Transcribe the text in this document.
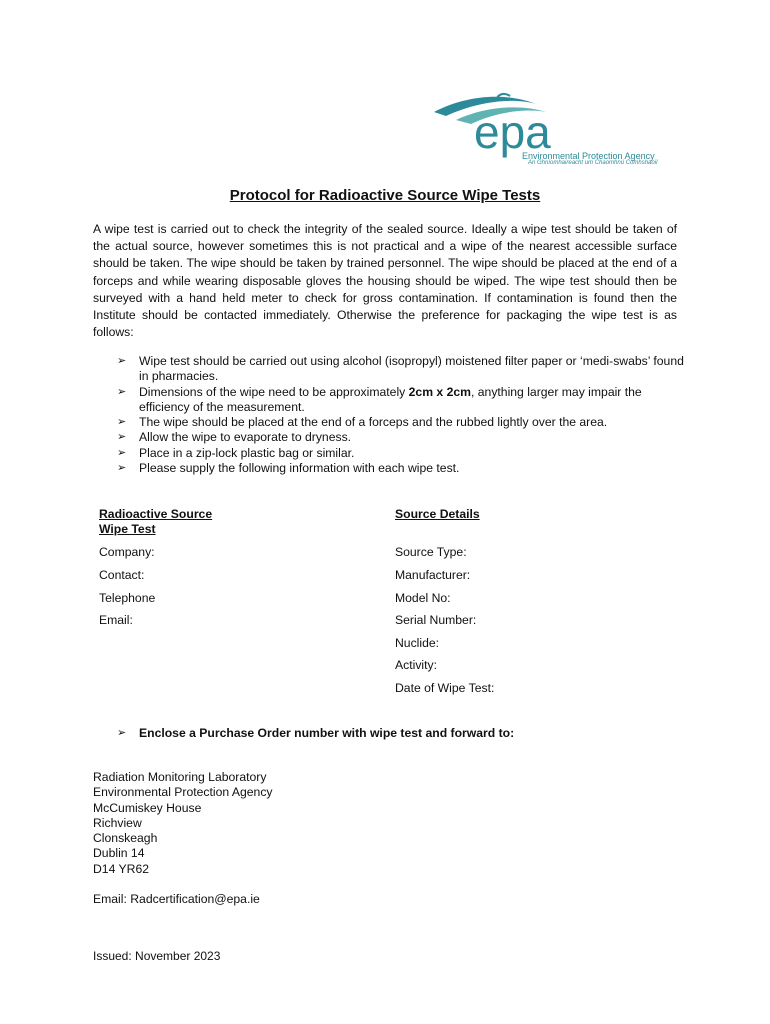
epa
Environmental Protection Agency
An Ghníomhaireacht um Chaomhnú Comhshaoil
Protocol for Radioactive Source Wipe Tests

A wipe test is carried out to check the integrity of the sealed source. Ideally a wipe test should be taken of the actual source, however sometimes this is not practical and a wipe of the nearest accessible surface should be taken. The wipe should be taken by trained personnel. The wipe should be placed at the end of a forceps and while wearing disposable gloves the housing should be wiped. The wipe test should then be surveyed with a hand held meter to check for gross contamination. If contamination is found then the Institute should be contacted immediately. Otherwise the preference for packaging the wipe test is as follows:

➢ Wipe test should be carried out using alcohol (isopropyl) moistened filter paper or ‘medi-swabs’ found in pharmacies.
➢ Dimensions of the wipe need to be approximately 2cm x 2cm, anything larger may impair the efficiency of the measurement.
➢ The wipe should be placed at the end of a forceps and the rubbed lightly over the area.
➢ Allow the wipe to evaporate to dryness.
➢ Place in a zip-lock plastic bag or similar.
➢ Please supply the following information with each wipe test.
Radioactive Source
Wipe Test
Company:
Contact:
Telephone
Email:
Source Details
Source Type:
Manufacturer:
Model No:
Serial Number:
Nuclide:
Activity:
Date of Wipe Test:
➢ Enclose a Purchase Order number with wipe test and forward to:
Radiation Monitoring Laboratory
Environmental Protection Agency
McCumiskey House
Richview
Clonskeagh
Dublin 14
D14 YR62
Email: Radcertification@epa.ie
Issued: November 2023
